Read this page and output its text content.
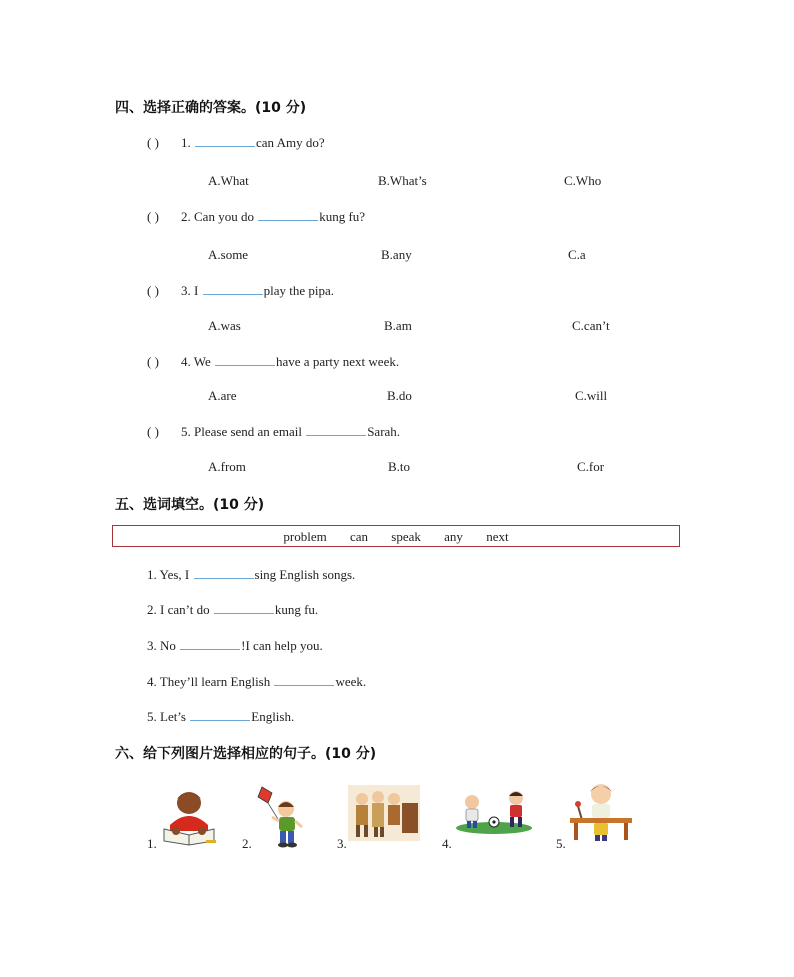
四、选择正确的答案。(10 分)
( ) 1.	can Amy do?
A.What	B.What’s	C.Who
( ) 2. Can you do	kung fu?
A.some	B.any	C.a
( ) 3. I	play the pipa.
A.was	B.am	C.can’t
( ) 4. We	have a party next week.
A.are	B.do	C.will
( ) 5. Please send an email	Sarah.
A.from	B.to	C.for
五、选词填空。(10 分)
problem can speak any next
1. Yes, I	sing English songs.
2. I can’t do	kung fu.
3. No	!I can help you.
4. They’ll learn English	week.
5. Let’s	English.
六、给下列图片选择相应的句子。(10 分)
1.	2.	3.	4.	5.
